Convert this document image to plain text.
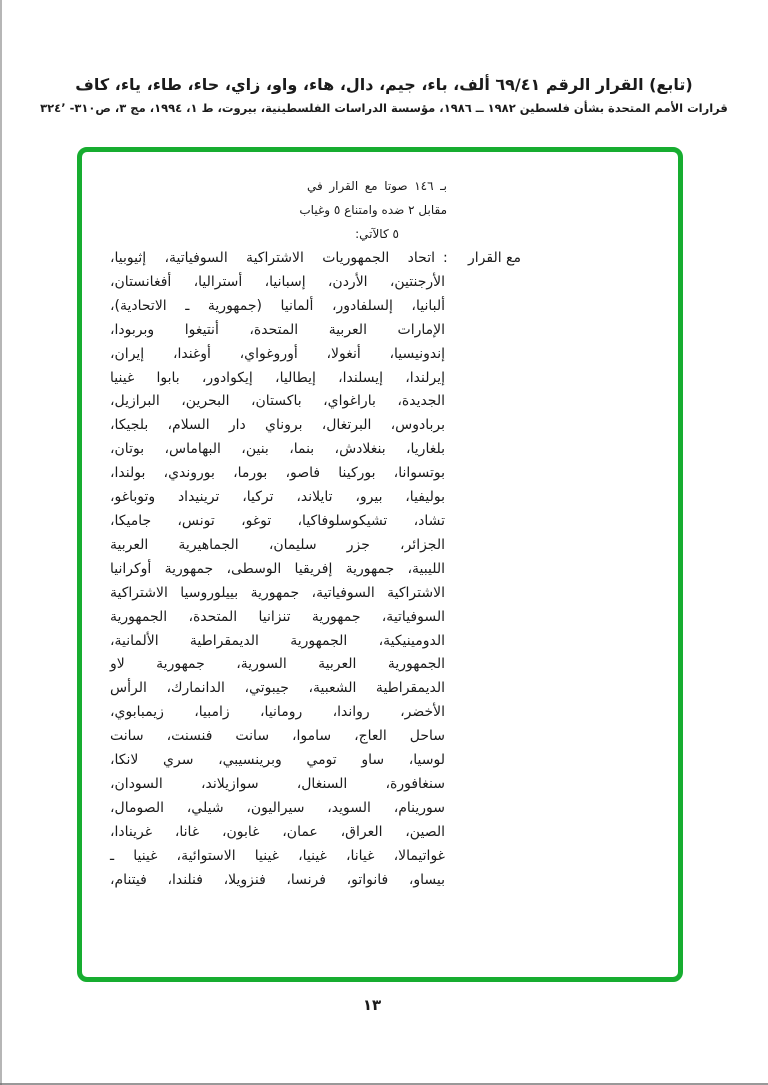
(تابع) القرار الرقم ٦٩/٤١ ألف، باء، جيم، دال، هاء، واو، زاي، حاء، طاء، ياء، كاف
قرارات الأمم المتحدة بشأن فلسطين ١٩٨٢ ــ ١٩٨٦، مؤسسة الدراسات الفلسطينية، بيروت، ط ١، ١٩٩٤، مج ٣، ص٣١٠- ٣٢٤ʼ
بـ ١٤٦ صوتا مع القرار في
مقابل ٢ ضده وامتناع ٥ وغياب
٥ كالآتي:
مع القرار
:
اتحاد الجمهوريات الاشتراكية السوفياتية، إثيوبيا،
الأرجنتين، الأردن، إسبانيا، أستراليا، أفغانستان،
ألبانيا، إلسلفادور، ألمانيا (جمهورية ـ الاتحادية)،
الإمارات العربية المتحدة، أنتيغوا وبربودا،
إندونيسيا، أنغولا، أوروغواي، أوغندا، إيران،
إيرلندا، إيسلندا، إيطاليا، إيكوادور، بابوا غينيا
الجديدة، باراغواي، باكستان، البحرين، البرازيل،
بربادوس، البرتغال، بروناي دار السلام، بلجيكا،
بلغاريا، بنغلادش، بنما، بنين، البهاماس، بوتان،
بوتسوانا، بوركينا فاصو، بورما، بوروندي، بولندا،
بوليفيا، بيرو، تايلاند، تركيا، ترينيداد وتوباغو،
تشاد، تشيكوسلوفاكيا، توغو، تونس، جاميكا،
الجزائر، جزر سليمان، الجماهيرية العربية
الليبية، جمهورية إفريقيا الوسطى، جمهورية أوكرانيا
الاشتراكية السوفياتية، جمهورية بييلوروسيا الاشتراكية
السوفياتية، جمهورية تنزانيا المتحدة، الجمهورية
الدومينيكية، الجمهورية الديمقراطية الألمانية،
الجمهورية العربية السورية، جمهورية لاو
الديمقراطية الشعبية، جيبوتي، الدانمارك، الرأس
الأخضر، رواندا، رومانيا، زامبيا، زيمبابوي،
ساحل العاج، ساموا، سانت فنسنت، سانت
لوسيا، ساو تومي وبرينسيبي، سري لانكا،
سنغافورة، السنغال، سوازيلاند، السودان،
سورينام، السويد، سيراليون، شيلي، الصومال،
الصين، العراق، عمان، غابون، غانا، غرينادا،
غواتيمالا، غيانا، غينيا، غينيا الاستوائية، غينيا ـ
بيساو، فانواتو، فرنسا، فنزويلا، فنلندا، فيتنام،
١٣
